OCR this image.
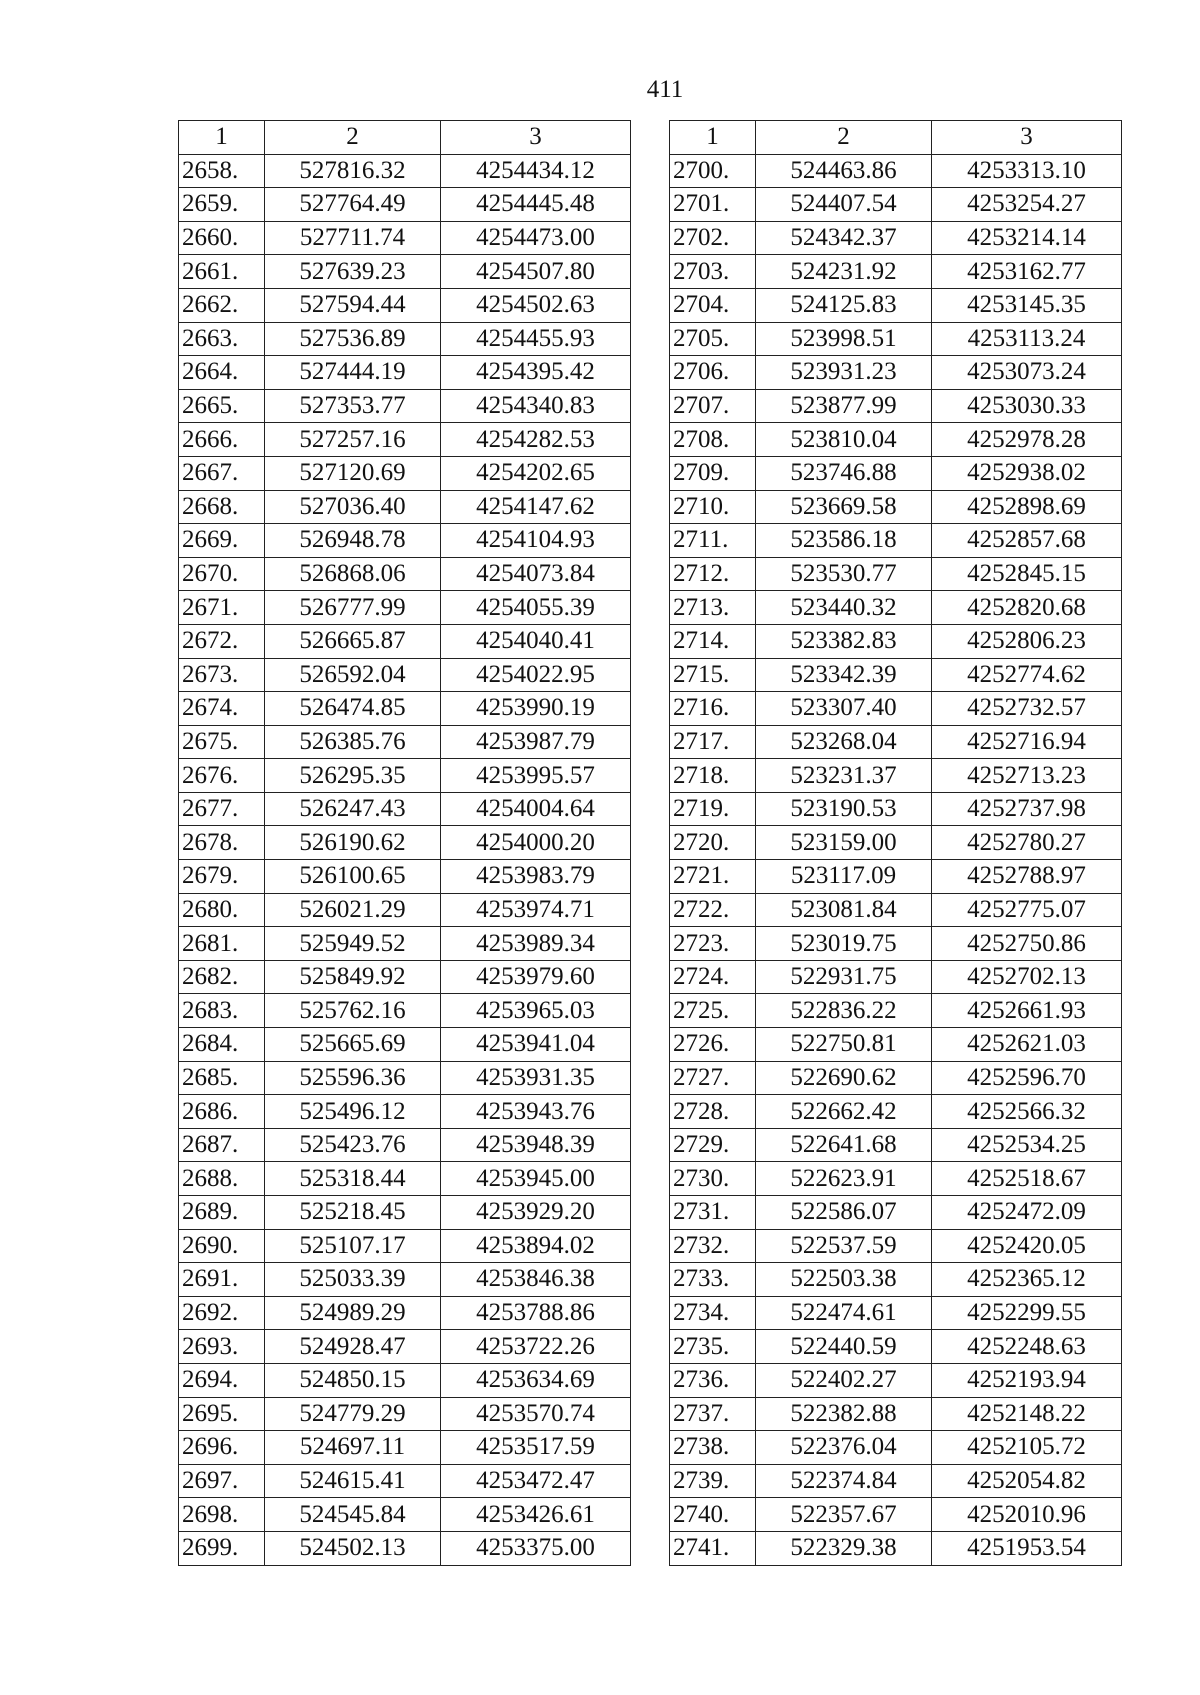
411
1	2	3
2658.	527816.32	4254434.12
2659.	527764.49	4254445.48
2660.	527711.74	4254473.00
2661.	527639.23	4254507.80
2662.	527594.44	4254502.63
2663.	527536.89	4254455.93
2664.	527444.19	4254395.42
2665.	527353.77	4254340.83
2666.	527257.16	4254282.53
2667.	527120.69	4254202.65
2668.	527036.40	4254147.62
2669.	526948.78	4254104.93
2670.	526868.06	4254073.84
2671.	526777.99	4254055.39
2672.	526665.87	4254040.41
2673.	526592.04	4254022.95
2674.	526474.85	4253990.19
2675.	526385.76	4253987.79
2676.	526295.35	4253995.57
2677.	526247.43	4254004.64
2678.	526190.62	4254000.20
2679.	526100.65	4253983.79
2680.	526021.29	4253974.71
2681.	525949.52	4253989.34
2682.	525849.92	4253979.60
2683.	525762.16	4253965.03
2684.	525665.69	4253941.04
2685.	525596.36	4253931.35
2686.	525496.12	4253943.76
2687.	525423.76	4253948.39
2688.	525318.44	4253945.00
2689.	525218.45	4253929.20
2690.	525107.17	4253894.02
2691.	525033.39	4253846.38
2692.	524989.29	4253788.86
2693.	524928.47	4253722.26
2694.	524850.15	4253634.69
2695.	524779.29	4253570.74
2696.	524697.11	4253517.59
2697.	524615.41	4253472.47
2698.	524545.84	4253426.61
2699.	524502.13	4253375.00
1	2	3
2700.	524463.86	4253313.10
2701.	524407.54	4253254.27
2702.	524342.37	4253214.14
2703.	524231.92	4253162.77
2704.	524125.83	4253145.35
2705.	523998.51	4253113.24
2706.	523931.23	4253073.24
2707.	523877.99	4253030.33
2708.	523810.04	4252978.28
2709.	523746.88	4252938.02
2710.	523669.58	4252898.69
2711.	523586.18	4252857.68
2712.	523530.77	4252845.15
2713.	523440.32	4252820.68
2714.	523382.83	4252806.23
2715.	523342.39	4252774.62
2716.	523307.40	4252732.57
2717.	523268.04	4252716.94
2718.	523231.37	4252713.23
2719.	523190.53	4252737.98
2720.	523159.00	4252780.27
2721.	523117.09	4252788.97
2722.	523081.84	4252775.07
2723.	523019.75	4252750.86
2724.	522931.75	4252702.13
2725.	522836.22	4252661.93
2726.	522750.81	4252621.03
2727.	522690.62	4252596.70
2728.	522662.42	4252566.32
2729.	522641.68	4252534.25
2730.	522623.91	4252518.67
2731.	522586.07	4252472.09
2732.	522537.59	4252420.05
2733.	522503.38	4252365.12
2734.	522474.61	4252299.55
2735.	522440.59	4252248.63
2736.	522402.27	4252193.94
2737.	522382.88	4252148.22
2738.	522376.04	4252105.72
2739.	522374.84	4252054.82
2740.	522357.67	4252010.96
2741.	522329.38	4251953.54
